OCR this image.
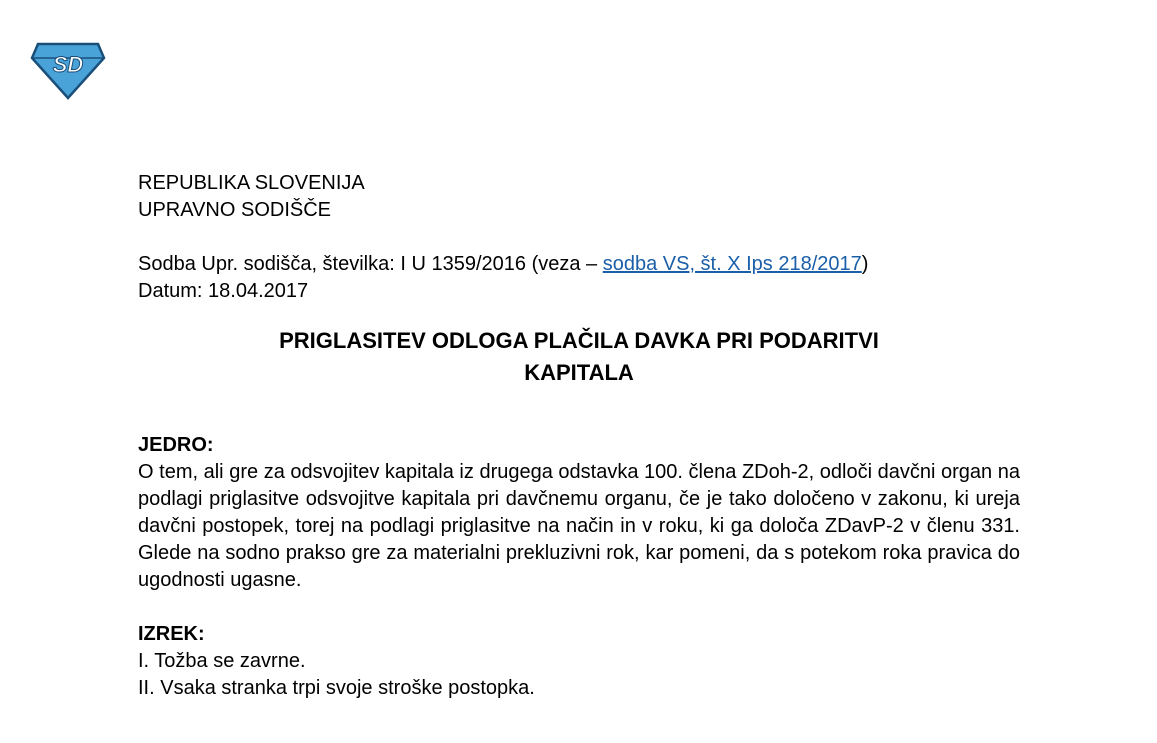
SD
REPUBLIKA SLOVENIJA
UPRAVNO SODIŠČE
Sodba Upr. sodišča, številka: I U 1359/2016 (veza – sodba VS, št. X Ips 218/2017)
Datum: 18.04.2017
PRIGLASITEV ODLOGA PLAČILA DAVKA PRI PODARITVI
KAPITALA
JEDRO:
O tem, ali gre za odsvojitev kapitala iz drugega odstavka 100. člena ZDoh-2, odloči davčni organ na podlagi priglasitve odsvojitve kapitala pri davčnemu organu, če je tako določeno v zakonu, ki ureja davčni postopek, torej na podlagi priglasitve na način in v roku, ki ga določa ZDavP-2 v členu 331. Glede na sodno prakso gre za materialni prekluzivni rok, kar pomeni, da s potekom roka pravica do ugodnosti ugasne.
IZREK:
I. Tožba se zavrne.
II. Vsaka stranka trpi svoje stroške postopka.
